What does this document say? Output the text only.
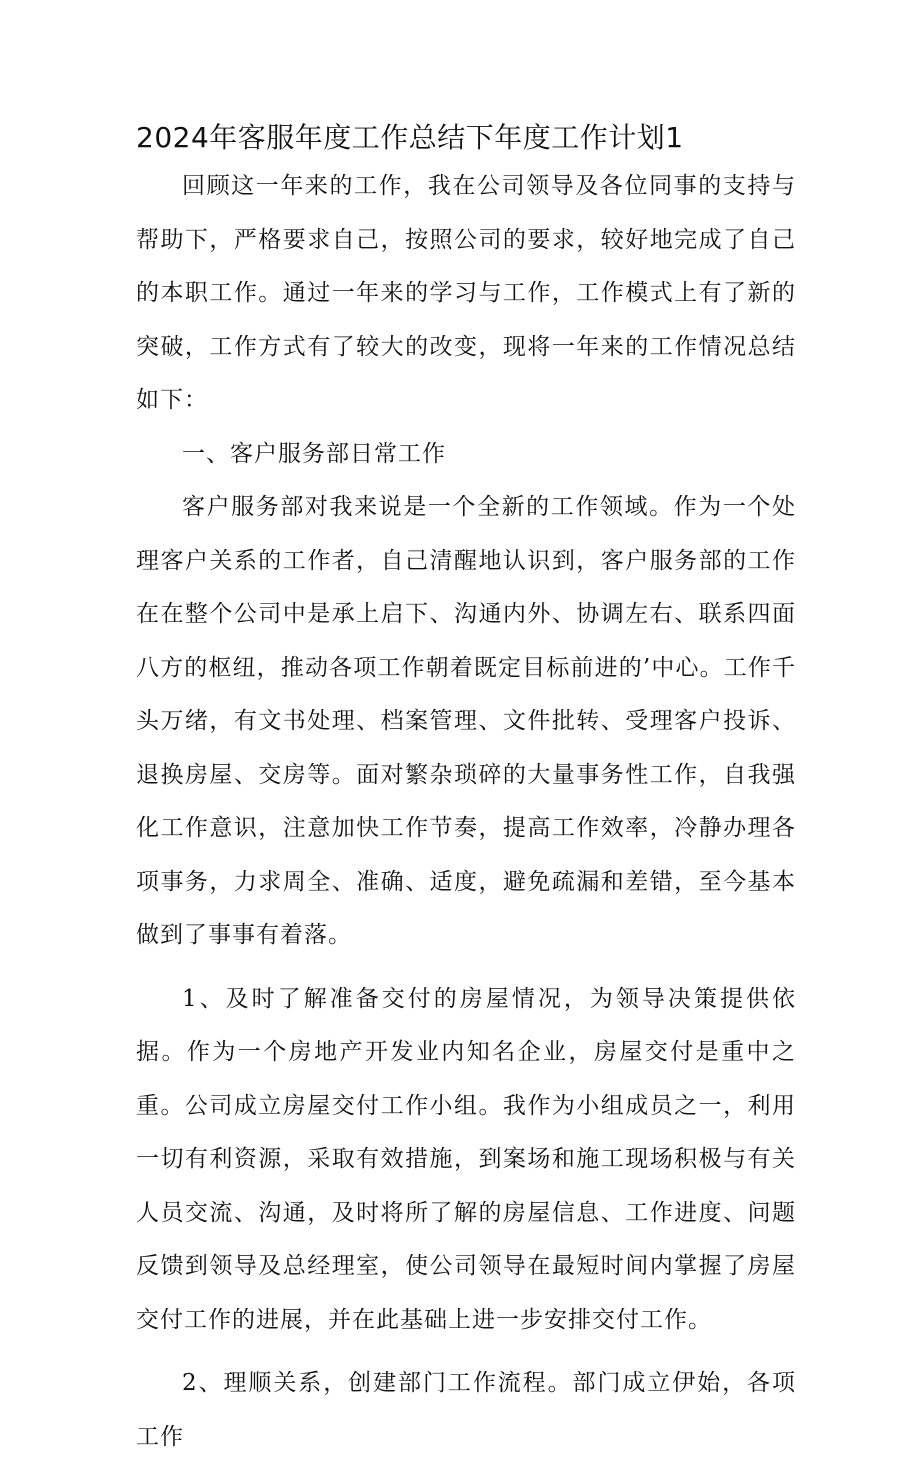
2024年客服年度工作总结下年度工作计划1

回顾这一年来的工作，我在公司领导及各位同事的支持与帮助下，严格要求自己，按照公司的要求，较好地完成了自己的本职工作。通过一年来的学习与工作，工作模式上有了新的突破，工作方式有了较大的改变，现将一年来的工作情况总结如下：

一、客户服务部日常工作

客户服务部对我来说是一个全新的工作领域。作为一个处理客户关系的工作者，自己清醒地认识到，客户服务部的工作在在整个公司中是承上启下、沟通内外、协调左右、联系四面八方的枢纽，推动各项工作朝着既定目标前进的’中心。工作千头万绪，有文书处理、档案管理、文件批转、受理客户投诉、退换房屋、交房等。面对繁杂琐碎的大量事务性工作，自我强化工作意识，注意加快工作节奏，提高工作效率，冷静办理各项事务，力求周全、准确、适度，避免疏漏和差错，至今基本做到了事事有着落。

1、及时了解准备交付的房屋情况，为领导决策提供依据。作为一个房地产开发业内知名企业，房屋交付是重中之重。公司成立房屋交付工作小组。我作为小组成员之一，利用一切有利资源，采取有效措施，到案场和施工现场积极与有关人员交流、沟通，及时将所了解的房屋信息、工作进度、问题反馈到领导及总经理室，使公司领导在最短时间内掌握了房屋交付工作的进展，并在此基础上进一步安排交付工作。

2、理顺关系，创建部门工作流程。部门成立伊始，各项工作
